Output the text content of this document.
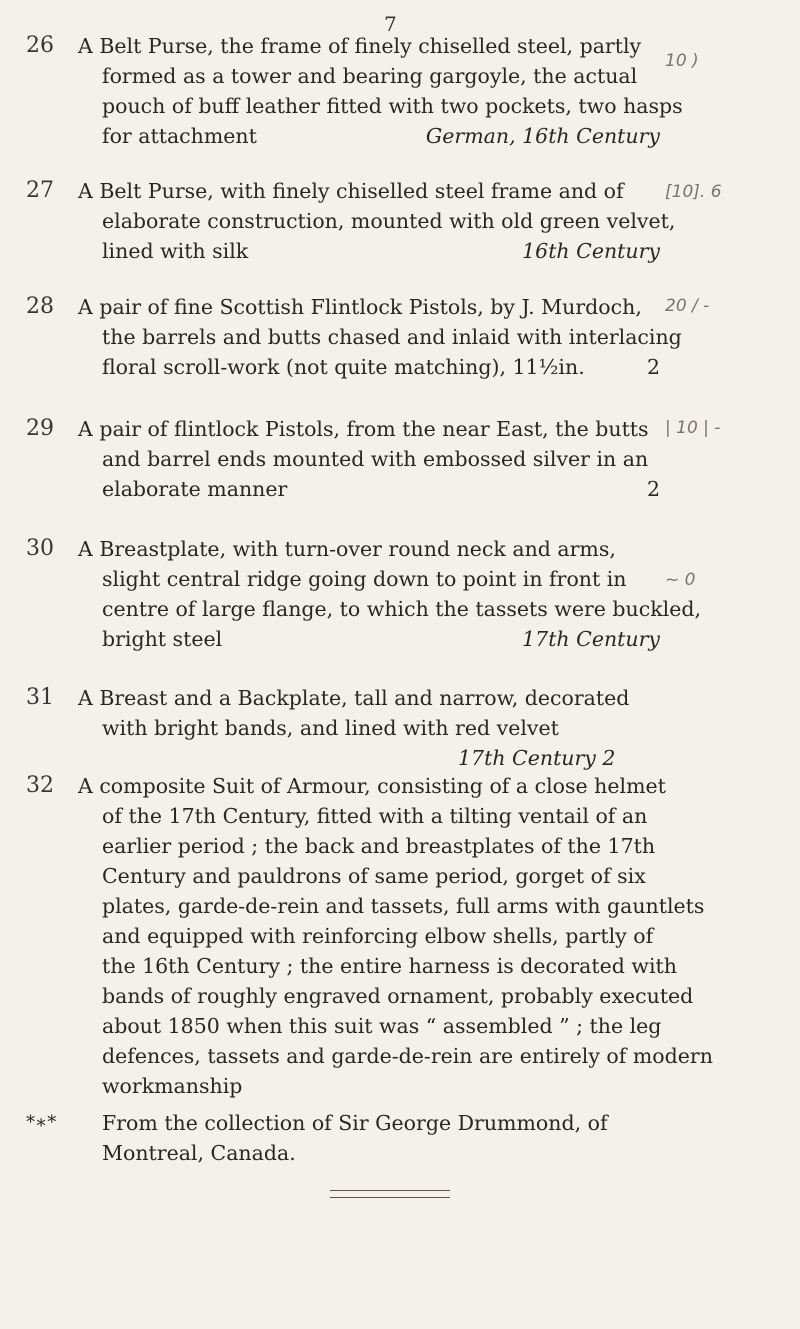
7
26 A Belt Purse, the frame of finely chiselled steel, partly
formed as a tower and bearing gargoyle, the actual
pouch of buff leather fitted with two pockets, two hasps
for attachment	German, 16th Century
10 )
27 A Belt Purse, with finely chiselled steel frame and of
elaborate construction, mounted with old green velvet,
lined with silk	16th Century
[10]. 6
28 A pair of fine Scottish Flintlock Pistols, by J. Murdoch,
the barrels and butts chased and inlaid with interlacing
floral scroll-work (not quite matching), 11½in.	2
20 / -
29 A pair of flintlock Pistols, from the near East, the butts
and barrel ends mounted with embossed silver in an
elaborate manner	2
| 10 | -
30 A Breastplate, with turn-over round neck and arms,
slight central ridge going down to point in front in
centre of large flange, to which the tassets were buckled,
bright steel	17th Century
~ 0
31 A Breast and a Backplate, tall and narrow, decorated
with bright bands, and lined with red velvet
17th Century 2
32 A composite Suit of Armour, consisting of a close helmet
of the 17th Century, fitted with a tilting ventail of an
earlier period ; the back and breastplates of the 17th
Century and pauldrons of same period, gorget of six
plates, garde-de-rein and tassets, full arms with gauntlets
and equipped with reinforcing elbow shells, partly of
the 16th Century ; the entire harness is decorated with
bands of roughly engraved ornament, probably executed
about 1850 when this suit was “ assembled ” ; the leg
defences, tassets and garde-de-rein are entirely of modern
workmanship
*∗*	From the collection of Sir George Drummond, of
Montreal, Canada.
